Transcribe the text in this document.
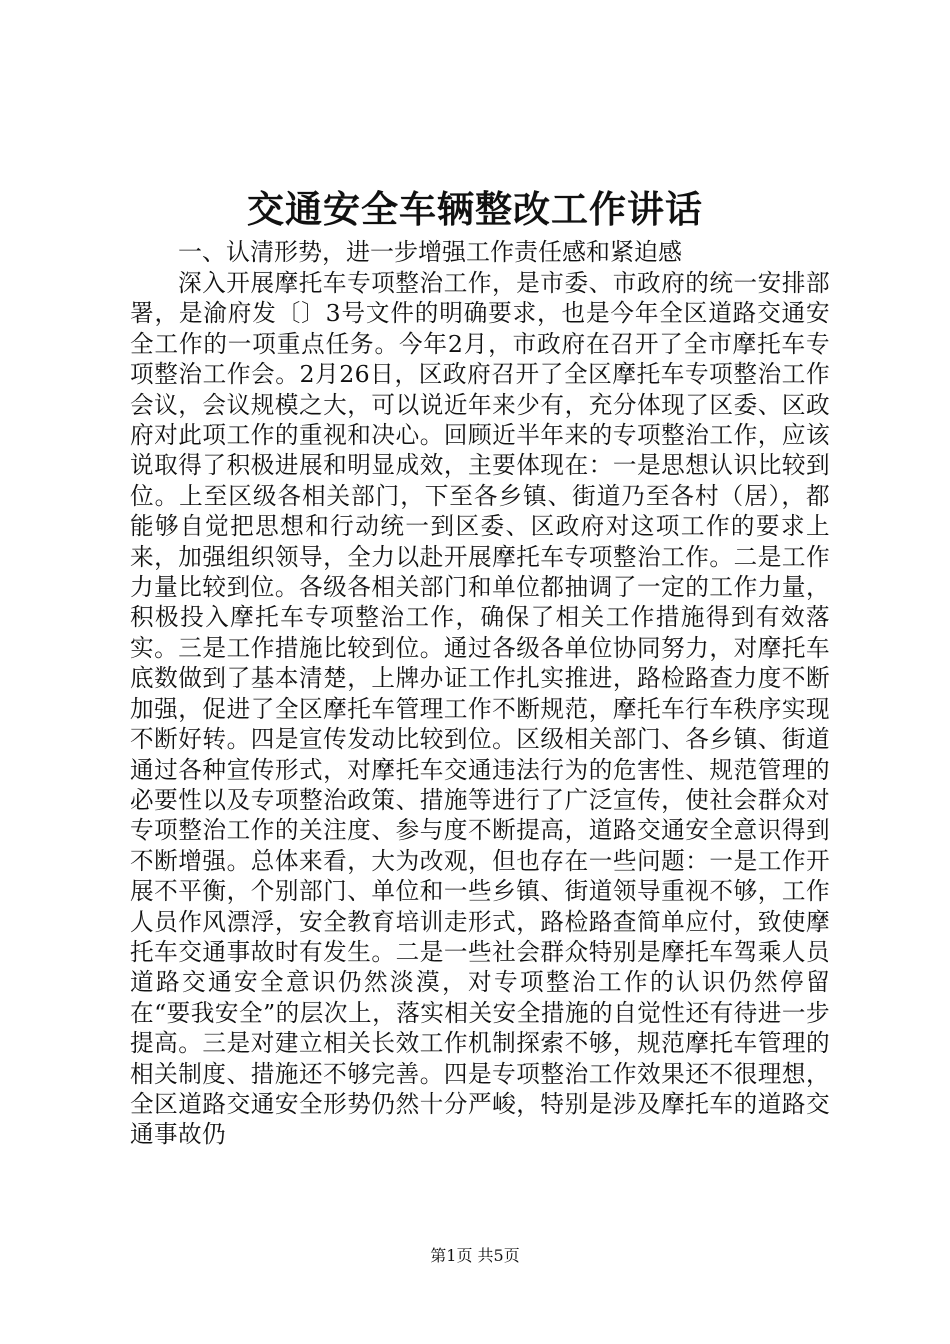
交通安全车辆整改工作讲话

一、认清形势，进一步增强工作责任感和紧迫感

深入开展摩托车专项整治工作，是市委、市政府的统一安排部署，是渝府发〔〕3号文件的明确要求，也是今年全区道路交通安全工作的一项重点任务。今年2月，市政府在召开了全市摩托车专项整治工作会。2月26日，区政府召开了全区摩托车专项整治工作会议，会议规模之大，可以说近年来少有，充分体现了区委、区政府对此项工作的重视和决心。回顾近半年来的专项整治工作，应该说取得了积极进展和明显成效，主要体现在：一是思想认识比较到位。上至区级各相关部门，下至各乡镇、街道乃至各村（居），都能够自觉把思想和行动统一到区委、区政府对这项工作的要求上来，加强组织领导，全力以赴开展摩托车专项整治工作。二是工作力量比较到位。各级各相关部门和单位都抽调了一定的工作力量，积极投入摩托车专项整治工作，确保了相关工作措施得到有效落实。三是工作措施比较到位。通过各级各单位协同努力，对摩托车底数做到了基本清楚，上牌办证工作扎实推进，路检路查力度不断加强，促进了全区摩托车管理工作不断规范，摩托车行车秩序实现不断好转。四是宣传发动比较到位。区级相关部门、各乡镇、街道通过各种宣传形式，对摩托车交通违法行为的危害性、规范管理的必要性以及专项整治政策、措施等进行了广泛宣传，使社会群众对专项整治工作的关注度、参与度不断提高，道路交通安全意识得到不断增强。总体来看，大为改观，但也存在一些问题：一是工作开展不平衡，个别部门、单位和一些乡镇、街道领导重视不够，工作人员作风漂浮，安全教育培训走形式，路检路查简单应付，致使摩托车交通事故时有发生。二是一些社会群众特别是摩托车驾乘人员道路交通安全意识仍然淡漠，对专项整治工作的认识仍然停留在“要我安全”的层次上，落实相关安全措施的自觉性还有待进一步提高。三是对建立相关长效工作机制探索不够，规范摩托车管理的相关制度、措施还不够完善。四是专项整治工作效果还不很理想，全区道路交通安全形势仍然十分严峻，特别是涉及摩托车的道路交通事故仍

第1页 共5页
